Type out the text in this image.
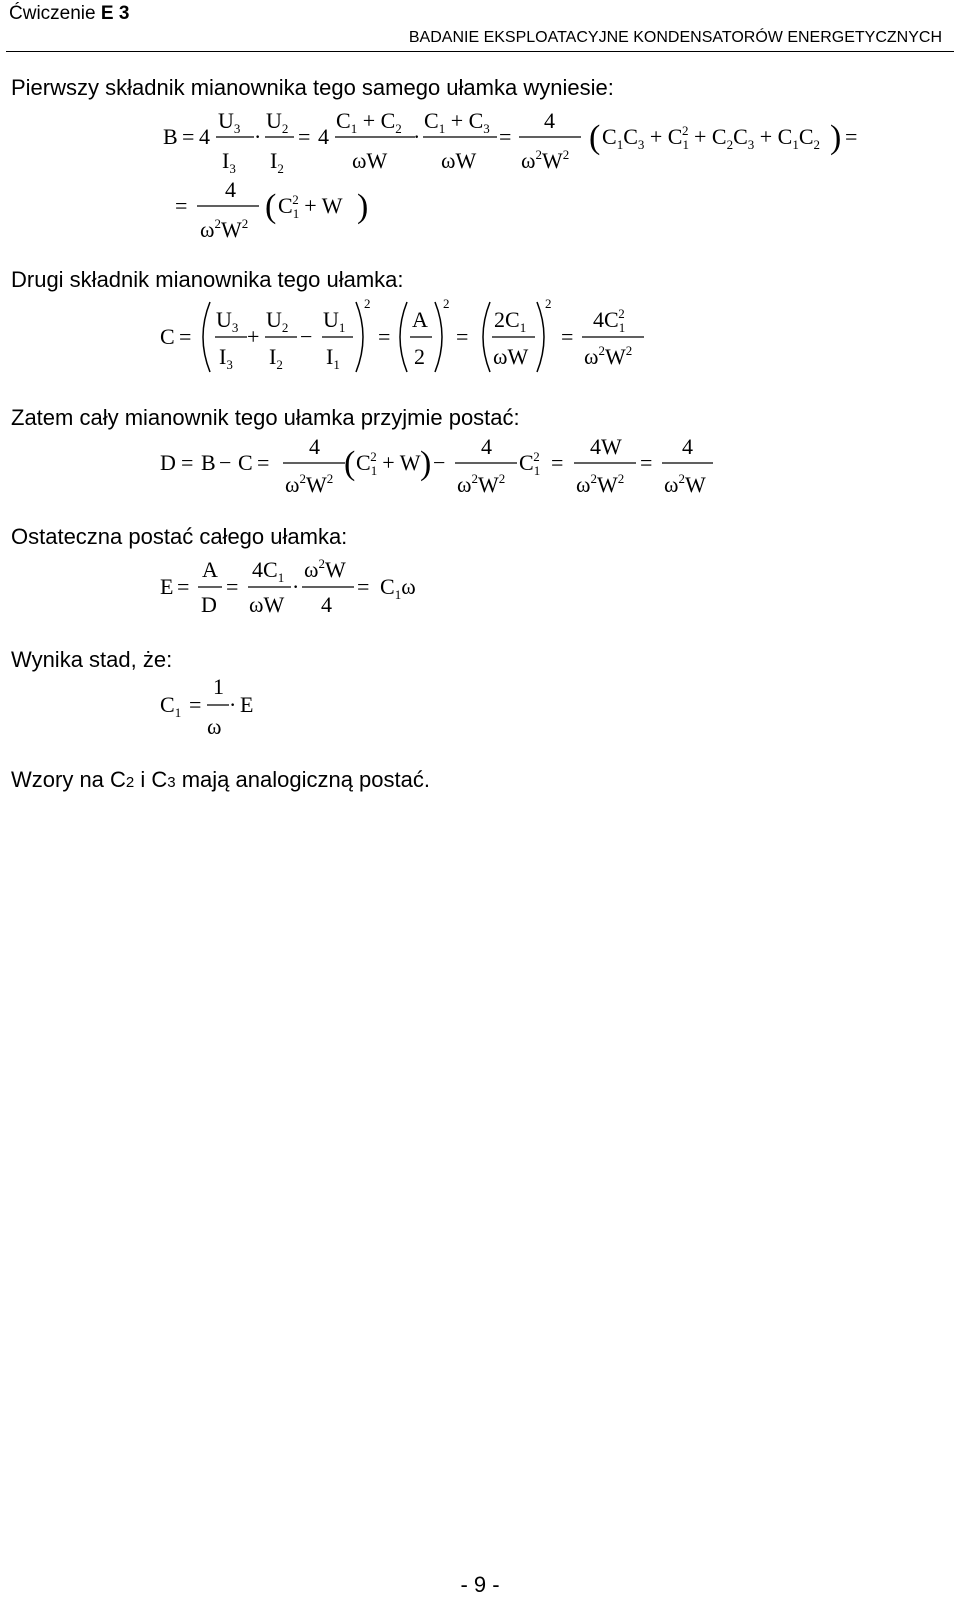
Ćwiczenie E 3
BADANIE EKSPLOATACYJNE KONDENSATORÓW ENERGETYCZNYCH
Pierwszy składnik mianownika tego samego ułamka wyniesie:
B = 4
$U_3$
$I_3$
·
$U_2$
$I_2$
= 4
$C_1 + C_2$
ωW
·
$C_1 + C_3$
ωW
=
4
$\omega^2W^2$ ( $C_1C_3 + C_12 + C_2C_3 + C_1C_2$ ) =
=
4
$\omega^2W^2$ ( $C_12 + W$ )
Drugi składnik mianownika tego ułamka:
C =
$U_3$
$I_3$
+
$U_2$
$I_2$
−
$U_1$
$I_1$
2
=
A
2
2
=
$2C_1$
ωW
2
=
$4C_12$
$\omega^2W^2$
Zatem cały mianownik tego ułamka przyjmie postać:
D = B − C =
4
$\omega^2W^2$ ( $C_12 + W$ ) −
4
$\omega^2W^2$
$C_12$ =
4W
$\omega^2W^2$
=
4
$\omega^2W$
Ostateczna postać całego ułamka:
E =
A
D
=
$4C_1$
ωW
·
$\omega^2W$
4
= $C_1\omega$
Wynika stad, że:
$C_1$ =
1
ω
· E
Wzory na C2 i C3 mają analogiczną postać.
- 9 -
